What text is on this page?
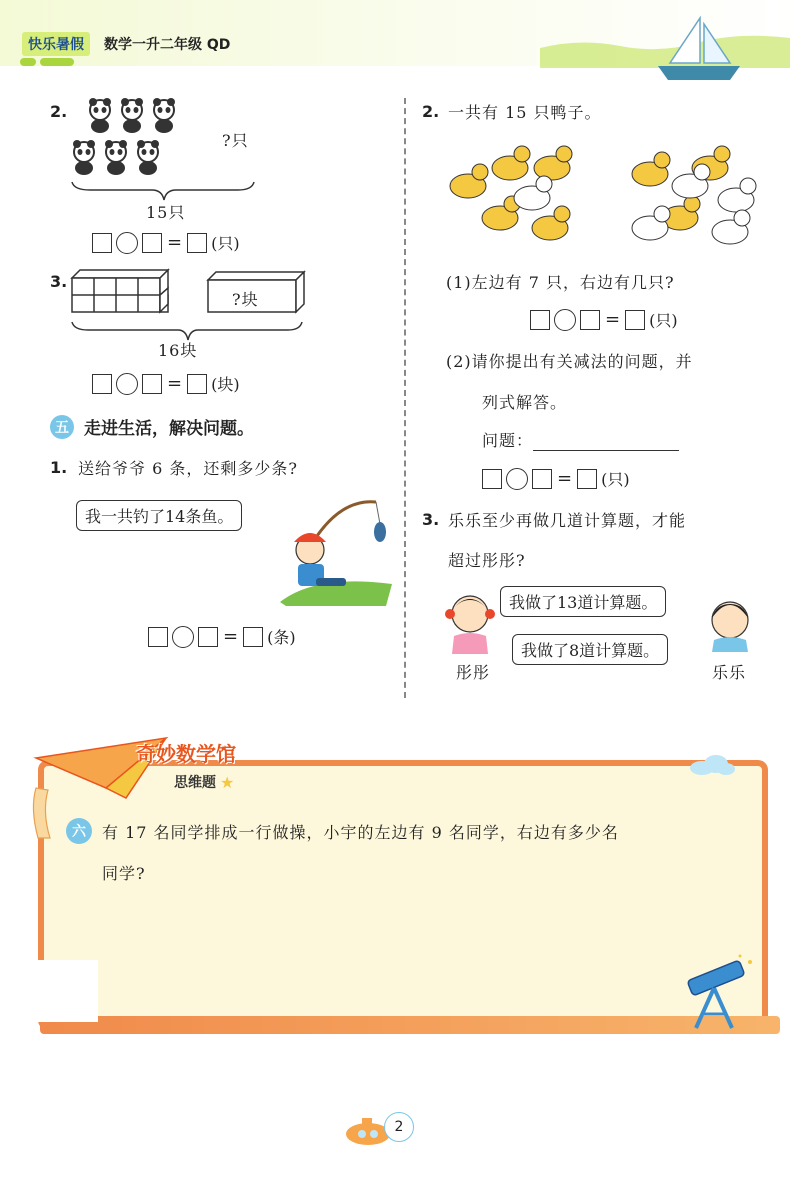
快乐暑假	数学一升二年级 QD
2.
?只
15只
= (只)
3.
?块
16块
= (块)
五 走进生活，解决问题。
1. 送给爷爷 6 条，还剩多少条?
我一共钓了14条鱼。
= (条)
2. 一共有 15 只鸭子。
(1)左边有 7 只，右边有几只?
= (只)
(2)请你提出有关减法的问题，并
列式解答。
问题：
= (只)
3. 乐乐至少再做几道计算题，才能
超过彤彤?
我做了13道计算题。
我做了8道计算题。
彤彤	乐乐
奇妙数学馆
思维题 ★
六	有 17 名同学排成一行做操，小宇的左边有 9 名同学，右边有多少名
同学?
2
